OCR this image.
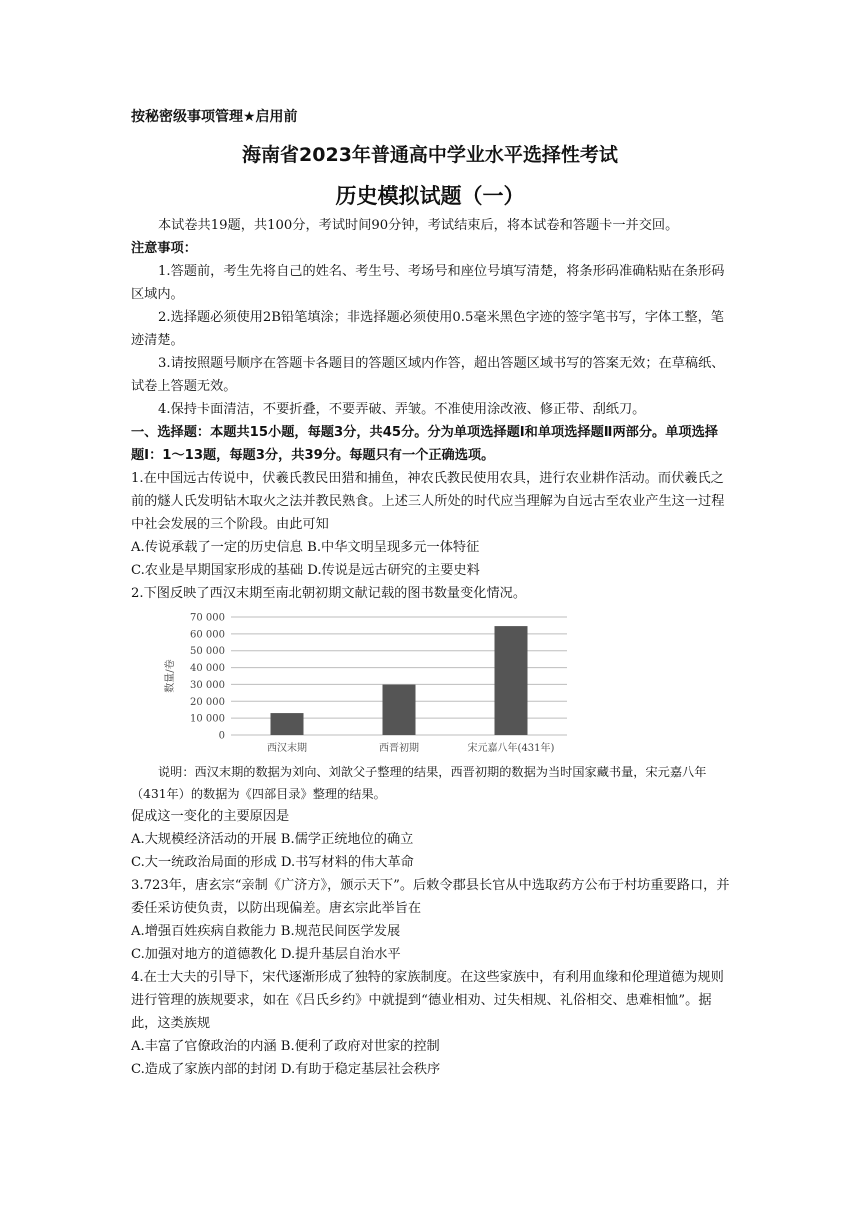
按秘密级事项管理★启用前
海南省2023年普通高中学业水平选择性考试
历史模拟试题（一）

本试卷共19题，共100分，考试时间90分钟，考试结束后，将本试卷和答题卡一并交回。

注意事项：

1.答题前，考生先将自己的姓名、考生号、考场号和座位号填写清楚，将条形码准确粘贴在条形码区域内。

2.选择题必须使用2B铅笔填涂；非选择题必须使用0.5毫米黑色字迹的签字笔书写，字体工整，笔迹清楚。

3.请按照题号顺序在答题卡各题目的答题区域内作答，超出答题区域书写的答案无效；在草稿纸、试卷上答题无效。

4.保持卡面清洁，不要折叠，不要弄破、弄皱。不准使用涂改液、修正带、刮纸刀。

一、选择题：本题共15小题，每题3分，共45分。分为单项选择题Ⅰ和单项选择题Ⅱ两部分。单项选择题Ⅰ：1～13题，每题3分，共39分。每题只有一个正确选项。

1.在中国远古传说中，伏羲氏教民田猎和捕鱼，神农氏教民使用农具，进行农业耕作活动。而伏羲氏之前的燧人氏发明钻木取火之法并教民熟食。上述三人所处的时代应当理解为自远古至农业产生这一过程中社会发展的三个阶段。由此可知

A.传说承载了一定的历史信息 B.中华文明呈现多元一体特征

C.农业是早期国家形成的基础 D.传说是远古研究的主要史料

2.下图反映了西汉末期至南北朝初期文献记载的图书数量变化情况。

0
10 000
20 000
30 000
40 000
50 000
60 000
70 000
数量/卷
西汉末期	西晋初期	宋元嘉八年(431年)

说明：西汉末期的数据为刘向、刘歆父子整理的结果，西晋初期的数据为当时国家藏书量，宋元嘉八年（431年）的数据为《四部目录》整理的结果。

促成这一变化的主要原因是

A.大规模经济活动的开展 B.儒学正统地位的确立

C.大一统政治局面的形成 D.书写材料的伟大革命

3.723年，唐玄宗“亲制《广济方》，颁示天下”。后敕令郡县长官从中选取药方公布于村坊重要路口，并委任采访使负责，以防出现偏差。唐玄宗此举旨在

A.增强百姓疾病自救能力 B.规范民间医学发展

C.加强对地方的道德教化 D.提升基层自治水平

4.在士大夫的引导下，宋代逐渐形成了独特的家族制度。在这些家族中，有利用血缘和伦理道德为规则进行管理的族规要求，如在《吕氏乡约》中就提到“德业相劝、过失相规、礼俗相交、患难相恤”。据此，这类族规

A.丰富了官僚政治的内涵 B.便利了政府对世家的控制

C.造成了家族内部的封闭 D.有助于稳定基层社会秩序
